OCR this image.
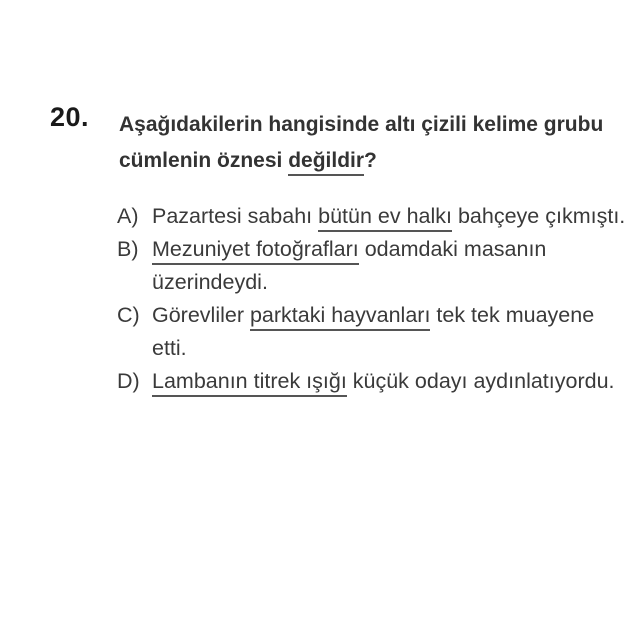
20. Aşağıdakilerin hangisinde altı çizili kelime grubu cümlenin öznesi değildir?
A) Pazartesi sabahı bütün ev halkı bahçeye çıkmıştı.
B) Mezuniyet fotoğrafları odamdaki masanın üzerindeydi.
C) Görevliler parktaki hayvanları tek tek muayene etti.
D) Lambanın titrek ışığı küçük odayı aydınlatıyordu.
